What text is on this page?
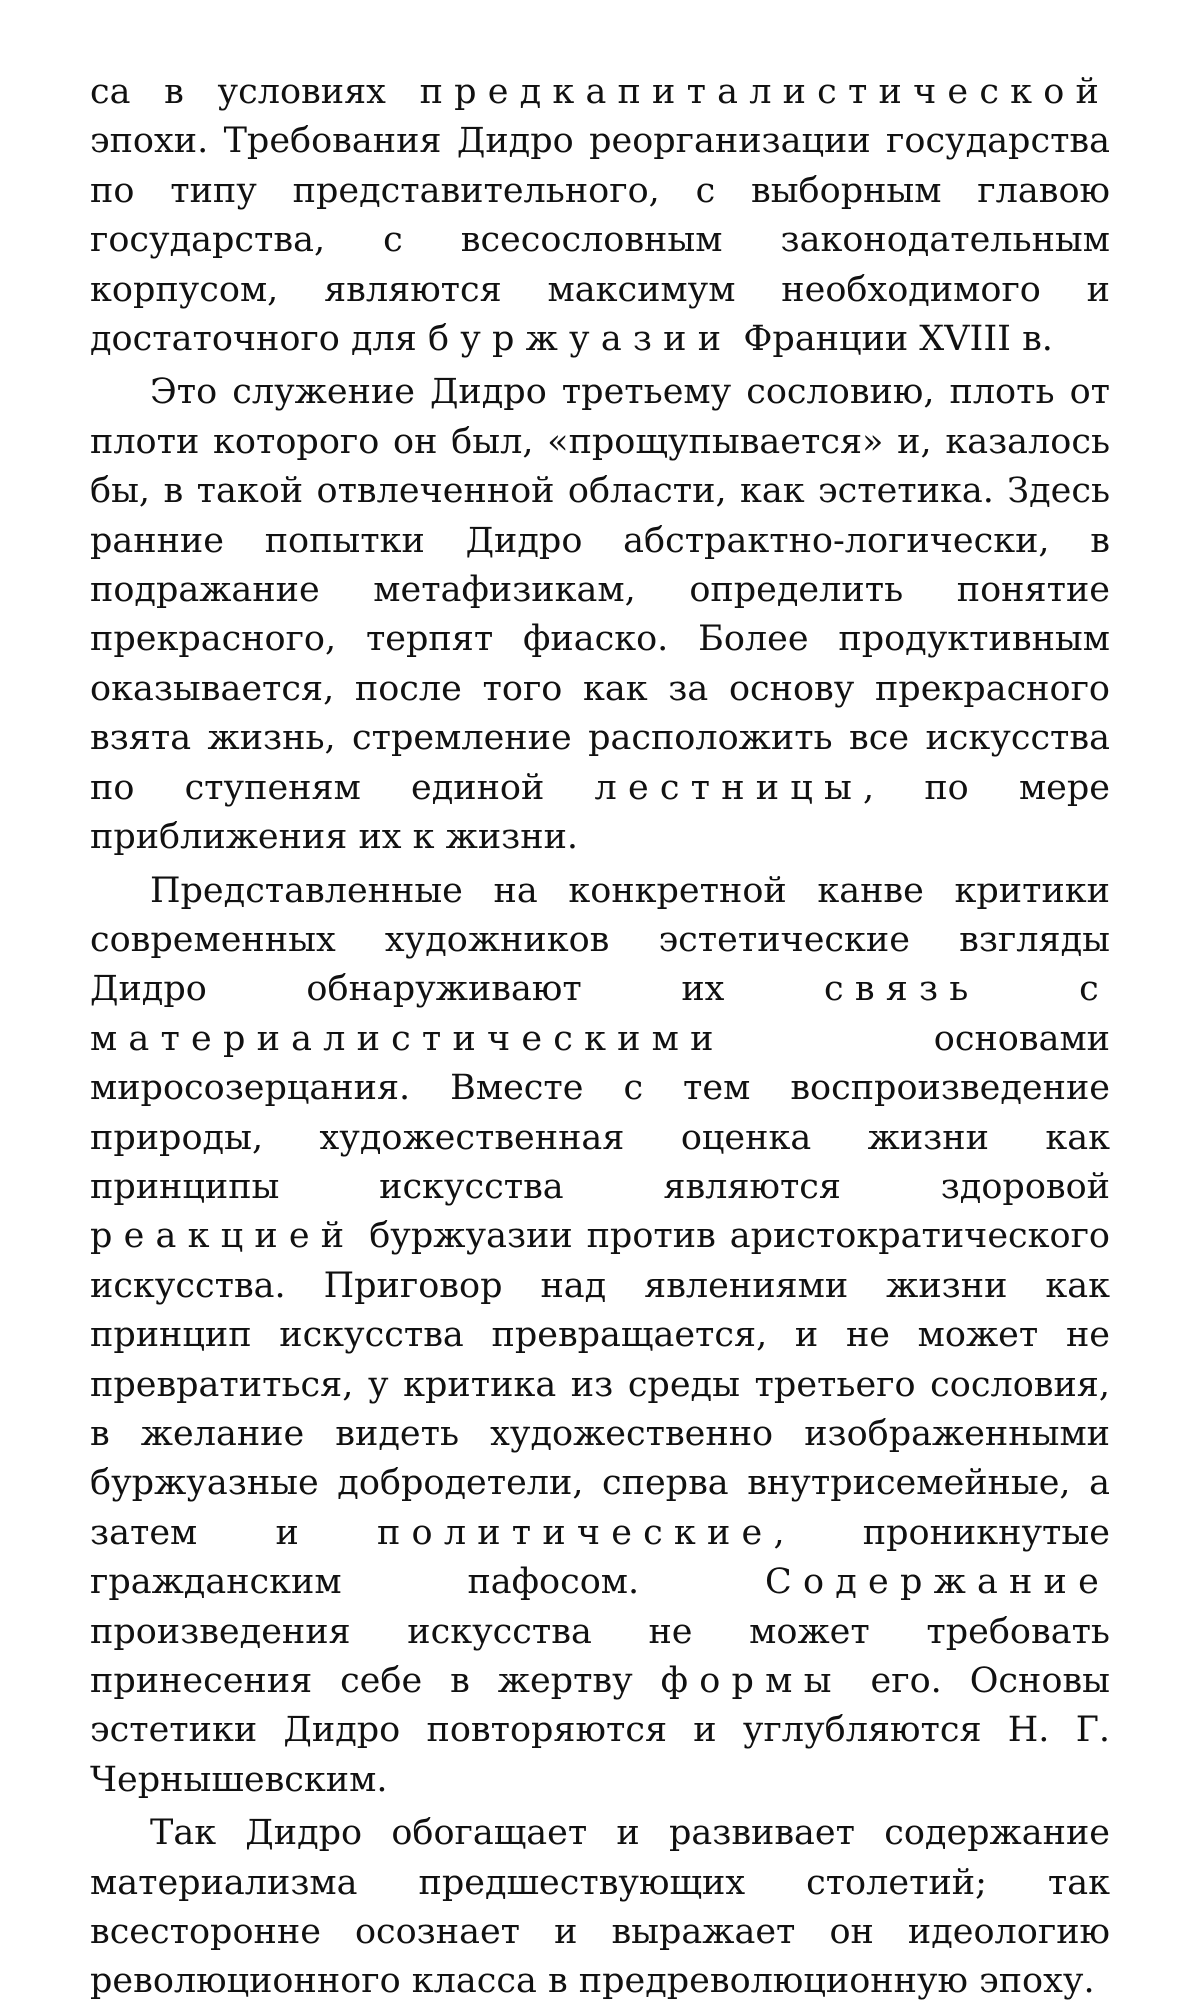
са в условиях предкапиталистической эпохи. Требования Дидро реорганизации государства по типу представительного, с выборным главою государства, с всесословным законодательным корпусом, являются максимум необходимого и достаточного для буржуазии Франции XVIII в.

Это служение Дидро третьему сословию, плоть от плоти которого он был, «прощупывается» и, казалось бы, в такой отвлеченной области, как эстетика. Здесь ранние попытки Дидро абстрактно-логически, в подражание метафизикам, определить понятие прекрасного, терпят фиаско. Более продуктивным оказывается, после того как за основу прекрасного взята жизнь, стремление расположить все искусства по ступеням единой лестницы, по мере приближения их к жизни.

Представленные на конкретной канве критики современных художников эстетические взгляды Дидро обнаруживают их связь	с материалистическими основами миросозерцания. Вместе с тем воспроизведение природы, художественная оценка жизни как принципы искусства являются здоровой реакцией буржуазии против аристократического искусства. Приговор над явлениями жизни как принцип искусства превращается, и не может не превратиться, у критика из среды третьего сословия, в желание видеть художественно изображенными буржуазные добродетели, сперва внутрисемейные, а затем и политические, проникнутые гражданским пафосом. Содержание произведения искусства не может требовать принесения себе в жертву формы его. Основы эстетики Дидро повторяются и углубляются Н. Г. Чернышевским.

Так Дидро обогащает и развивает содержание материализма предшествующих столетий; так всесторонне осознает и выражает он идеологию революционного класса в предреволюционную эпоху.
